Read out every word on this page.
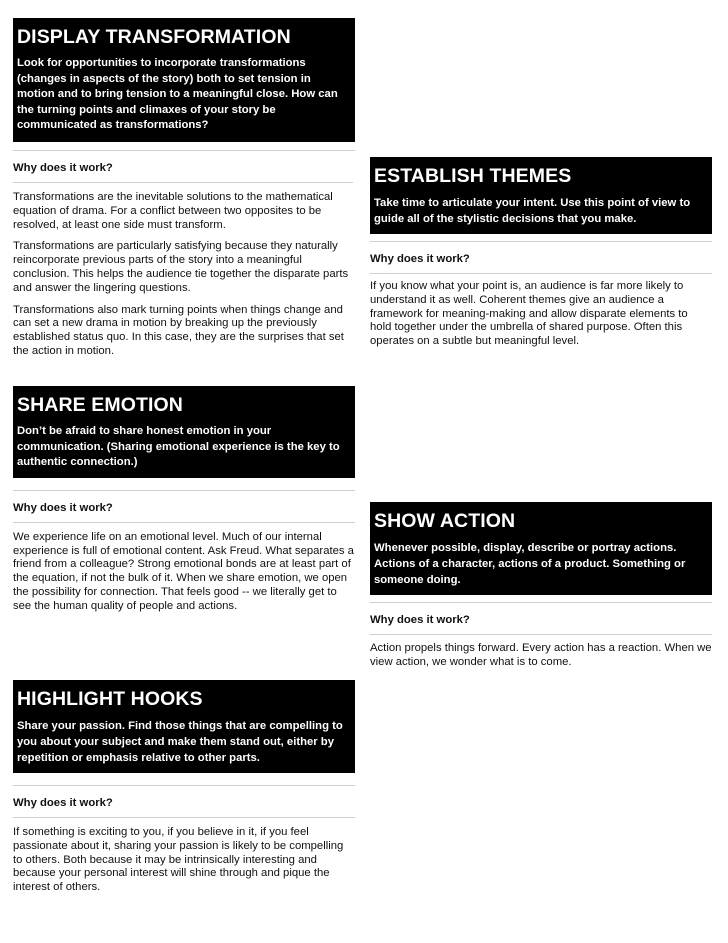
DISPLAY TRANSFORMATION

Look for opportunities to incorporate transformations (changes in aspects of the story) both to set tension in motion and to bring tension to a meaningful close. How can the turning points and climaxes of your story be communicated as transformations?

Why does it work?

Transformations are the inevitable solutions to the mathematical equation of drama. For a conflict between two opposites to be resolved, at least one side must transform.

Transformations are particularly satisfying because they naturally reincorporate previous parts of the story into a meaningful conclusion. This helps the audience tie together the disparate parts and answer the lingering questions.

Transformations also mark turning points when things change and can set a new drama in motion by breaking up the previously established status quo. In this case, they are the surprises that set the action in motion.

ESTABLISH THEMES

Take time to articulate your intent. Use this point of view to guide all of the stylistic decisions that you make.

Why does it work?

If you know what your point is, an audience is far more likely to understand it as well. Coherent themes give an audience a framework for meaning-making and allow disparate elements to hold together under the umbrella of shared purpose. Often this operates on a subtle but meaningful level.

SHARE EMOTION

Don’t be afraid to share honest emotion in your communication. (Sharing emotional experience is the key to authentic connection.)

Why does it work?

We experience life on an emotional level. Much of our internal experience is full of emotional content. Ask Freud. What separates a friend from a colleague? Strong emotional bonds are at least part of the equation, if not the bulk of it. When we share emotion, we open the possibility for connection. That feels good -- we literally get to see the human quality of people and actions.

SHOW ACTION

Whenever possible, display, describe or portray actions. Actions of a character, actions of a product. Something or someone doing.

Why does it work?

Action propels things forward. Every action has a reaction. When we view action, we wonder what is to come.

HIGHLIGHT HOOKS

Share your passion. Find those things that are compelling to you about your subject and make them stand out, either by repetition or emphasis relative to other parts.

Why does it work?

If something is exciting to you, if you believe in it, if you feel passionate about it, sharing your passion is likely to be compelling to others. Both because it may be intrinsically interesting and because your personal interest will shine through and pique the interest of others.
